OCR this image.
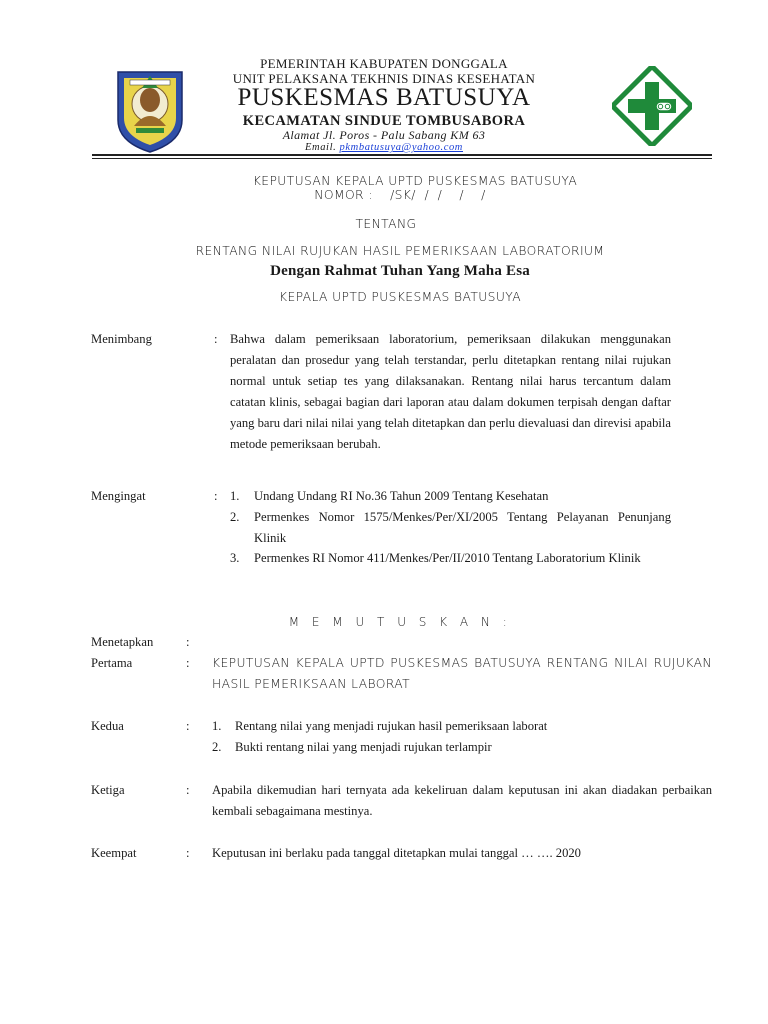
PEMERINTAH KABUPATEN DONGGALA
UNIT PELAKSANA TEKHNIS DINAS KESEHATAN
PUSKESMAS BATUSUYA
KECAMATAN SINDUE TOMBUSABORA
Alamat Jl. Poros - Palu Sabang KM 63
Email. pkmbatusuya@yahoo.com
KEPUTUSAN KEPALA UPTD PUSKESMAS BATUSUYA
NOMOR :    /SK/  /  /    /    /
TENTANG
RENTANG NILAI RUJUKAN HASIL PEMERIKSAAN LABORATORIUM
Dengan Rahmat Tuhan Yang Maha Esa
KEPALA UPTD PUSKESMAS BATUSUYA
Menimbang	: Bahwa dalam pemeriksaan laboratorium, pemeriksaan dilakukan menggunakan peralatan dan prosedur yang telah terstandar, perlu ditetapkan rentang nilai rujukan normal untuk setiap tes yang dilaksanakan. Rentang nilai harus tercantum dalam catatan klinis, sebagai bagian dari laporan atau dalam dokumen terpisah dengan daftar yang baru dari nilai nilai yang telah ditetapkan dan perlu dievaluasi dan direvisi apabila metode pemeriksaan berubah.
Mengingat	: 1. Undang Undang RI No.36 Tahun 2009 Tentang Kesehatan
2. Permenkes Nomor 1575/Menkes/Per/XI/2005 Tentang Pelayanan Penunjang Klinik
3. Permenkes RI Nomor 411/Menkes/Per/II/2010 Tentang Laboratorium Klinik
M E M U T U S K A N :
Menetapkan	:
Pertama	: KEPUTUSAN KEPALA UPTD PUSKESMAS BATUSUYA RENTANG NILAI RUJUKAN HASIL PEMERIKSAAN LABORAT
Kedua	: 1. Rentang nilai yang menjadi rujukan hasil pemeriksaan laborat
2. Bukti rentang nilai yang menjadi rujukan terlampir
Ketiga	: Apabila dikemudian hari ternyata ada kekeliruan dalam keputusan ini akan diadakan perbaikan kembali sebagaimana mestinya.
Keempat	: Keputusan ini berlaku pada tanggal ditetapkan mulai tanggal … …. 2020
